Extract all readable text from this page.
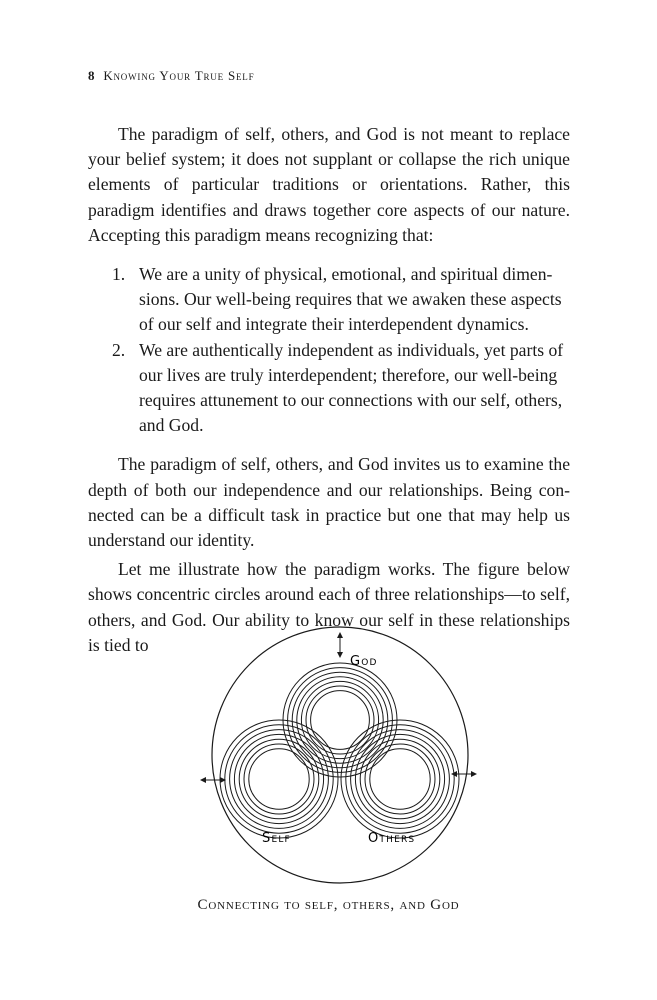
8 Knowing Your True Self

The paradigm of self, others, and God is not meant to replace your belief system; it does not supplant or collapse the rich unique elements of particular traditions or orientations. Rather, this paradigm identifies and draws together core aspects of our nature. Accepting this paradigm means recognizing that:

1. We are a unity of physical, emotional, and spiritual dimensions. Our well-being requires that we awaken these aspects of our self and integrate their interdependent dynamics.
2. We are authentically independent as individuals, yet parts of our lives are truly interdependent; therefore, our well-being requires attunement to our connections with our self, others, and God.

The paradigm of self, others, and God invites us to examine the depth of both our independence and our relationships. Being connected can be a difficult task in practice but one that may help us understand our identity.

Let me illustrate how the paradigm works. The figure below shows concentric circles around each of three relationships—to self, others, and God. Our ability to know our self in these relationships is tied to

God
Self	Others
Connecting to self, others, and God
